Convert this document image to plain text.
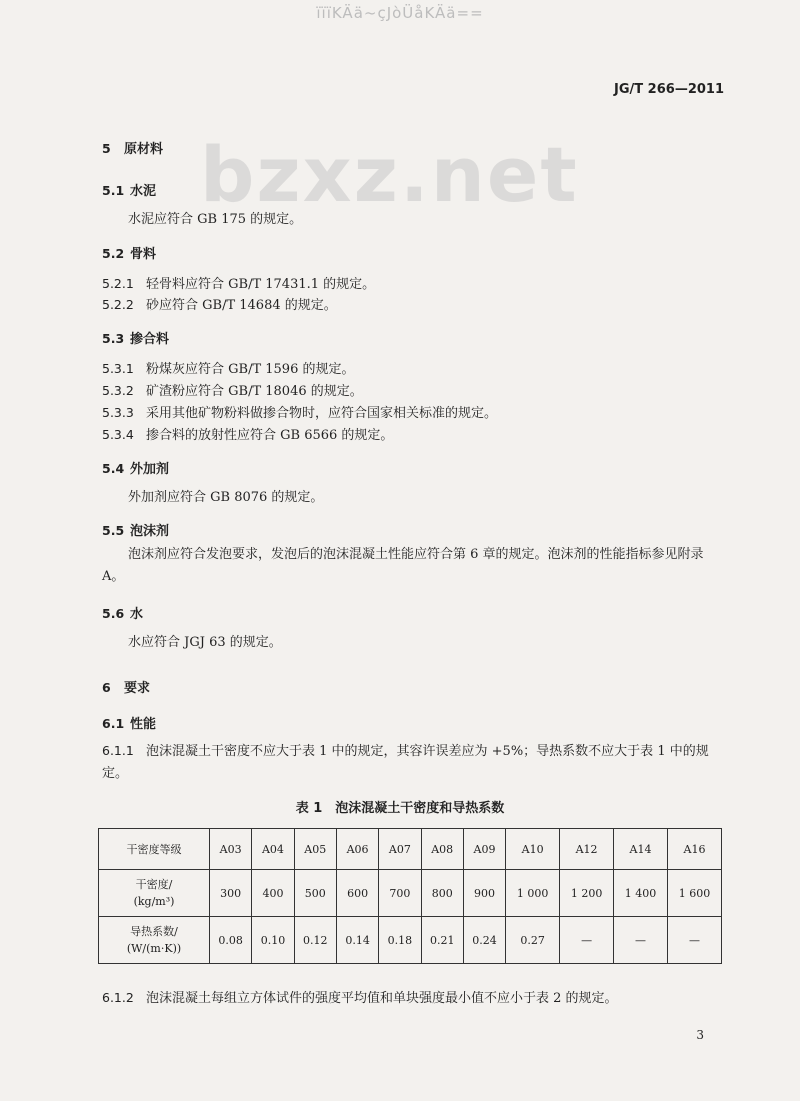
ïïïKÄä~çJòÜåKÄä==
JG/T 266—2011
bzxz.net
5 原材料
5.1 水泥
水泥应符合 GB 175 的规定。
5.2 骨料
5.2.1 轻骨料应符合 GB/T 17431.1 的规定。
5.2.2 砂应符合 GB/T 14684 的规定。
5.3 掺合料
5.3.1 粉煤灰应符合 GB/T 1596 的规定。
5.3.2 矿渣粉应符合 GB/T 18046 的规定。
5.3.3 采用其他矿物粉料做掺合物时，应符合国家相关标准的规定。
5.3.4 掺合料的放射性应符合 GB 6566 的规定。
5.4 外加剂
外加剂应符合 GB 8076 的规定。
5.5 泡沫剂
泡沫剂应符合发泡要求，发泡后的泡沫混凝土性能应符合第 6 章的规定。泡沫剂的性能指标参见附录 A。
5.6 水
水应符合 JGJ 63 的规定。
6 要求
6.1 性能
6.1.1 泡沫混凝土干密度不应大于表 1 中的规定，其容许误差应为 +5%；导热系数不应大于表 1 中的规定。
表 1　泡沫混凝土干密度和导热系数
干密度等级	A03	A04	A05	A06	A07	A08	A09	A10	A12	A14	A16

干密度/
(kg/m³)	300	400	500	600	700	800	900	1 000	1 200	1 400	1 600

导热系数/
(W/(m·K))	0.08	0.10	0.12	0.14	0.18	0.21	0.24	0.27	—	—	—
6.1.2 泡沫混凝土每组立方体试件的强度平均值和单块强度最小值不应小于表 2 的规定。
3
